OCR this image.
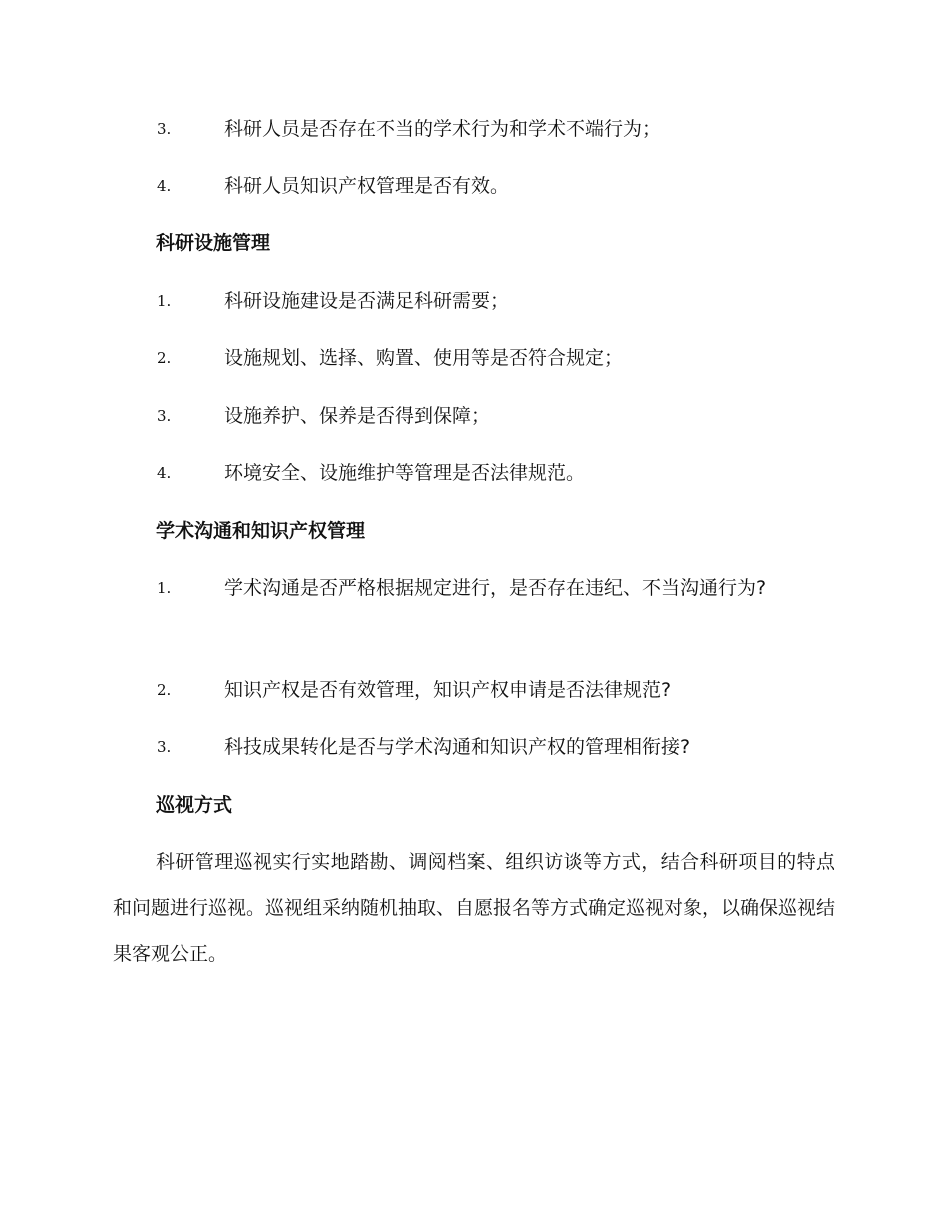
3.	科研人员是否存在不当的学术行为和学术不端行为；
4.	科研人员知识产权管理是否有效。
科研设施管理
1.	科研设施建设是否满足科研需要；
2.	设施规划、选择、购置、使用等是否符合规定；
3.	设施养护、保养是否得到保障；
4.	环境安全、设施维护等管理是否法律规范。
学术沟通和知识产权管理
1.	学术沟通是否严格根据规定进行，是否存在违纪、不当沟通行为?
2.	知识产权是否有效管理，知识产权申请是否法律规范?
3.	科技成果转化是否与学术沟通和知识产权的管理相衔接?
巡视方式
科研管理巡视实行实地踏勘、调阅档案、组织访谈等方式，结合科研项目的特点和问题进行巡视。巡视组采纳随机抽取、自愿报名等方式确定巡视对象，以确保巡视结果客观公正。
